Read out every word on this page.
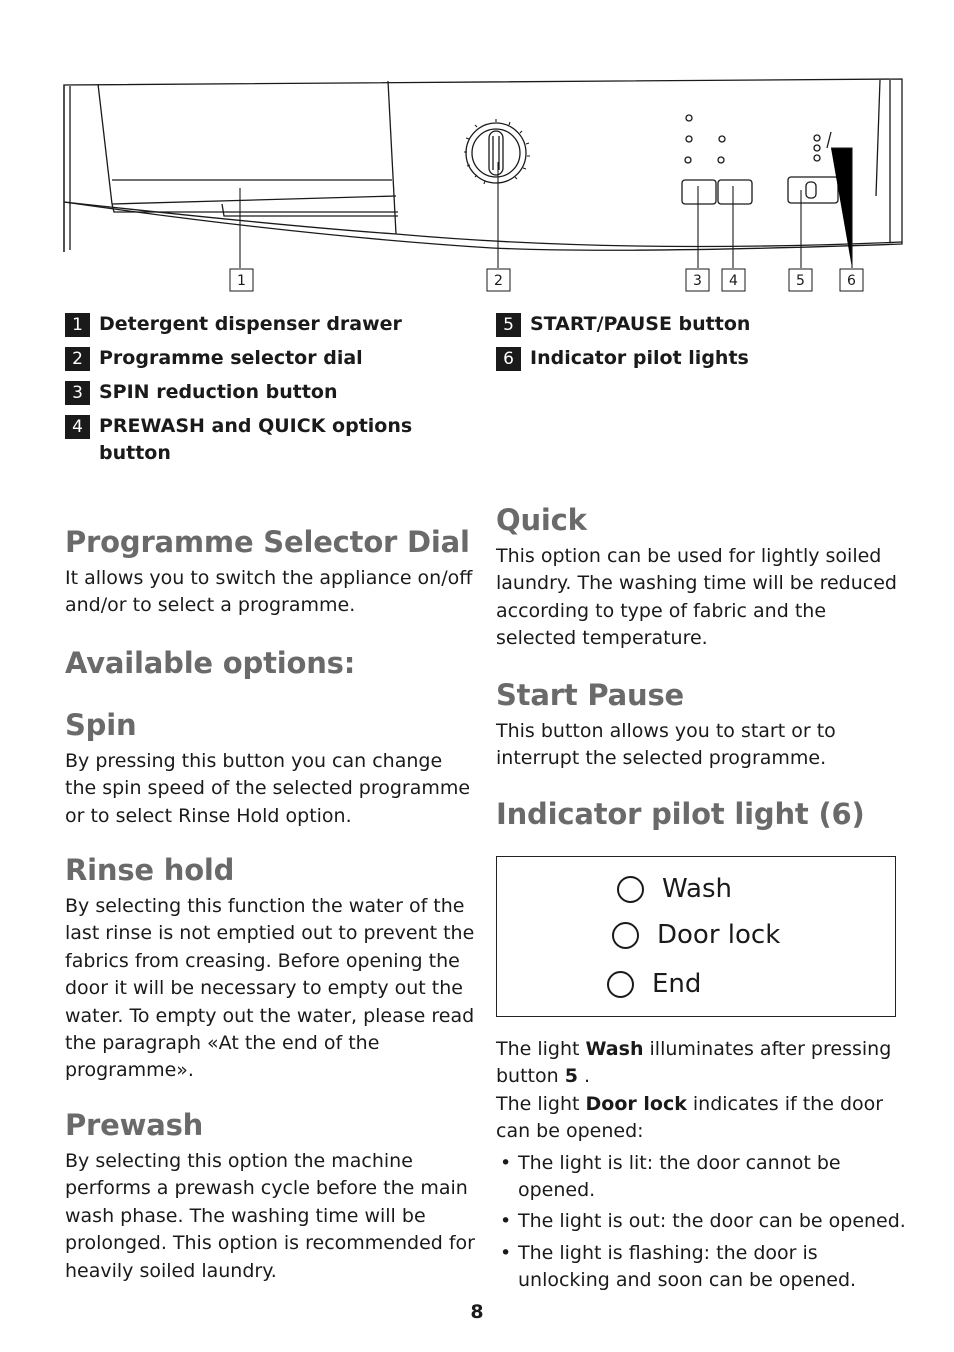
1	2	3 4	5	6
1 Detergent dispenser drawer
2 Programme selector dial
3 SPIN reduction button
4 PREWASH and QUICK options button
5 START/PAUSE button
6 Indicator pilot lights
Programme Selector Dial

It allows you to switch the appliance on/off and/or to select a programme.

Available options:
Spin

By pressing this button you can change the spin speed of the selected programme or to select Rinse Hold option.

Rinse hold

By selecting this function the water of the last rinse is not emptied out to prevent the fabrics from creasing. Before opening the door it will be necessary to empty out the water. To empty out the water, please read the paragraph «At the end of the programme».

Prewash

By selecting this option the machine performs a prewash cycle before the main wash phase. The washing time will be prolonged. This option is recommended for heavily soiled laundry.

Quick

This option can be used for lightly soiled laundry. The washing time will be reduced according to type of fabric and the selected temperature.

Start Pause

This button allows you to start or to interrupt the selected programme.

Indicator pilot light (6)
Wash
Door lock
End

The light Wash illuminates after pressing button 5 .

The light Door lock indicates if the door can be opened:

• The light is lit: the door cannot be opened.
• The light is out: the door can be opened.
• The light is flashing: the door is unlocking and soon can be opened.
8
